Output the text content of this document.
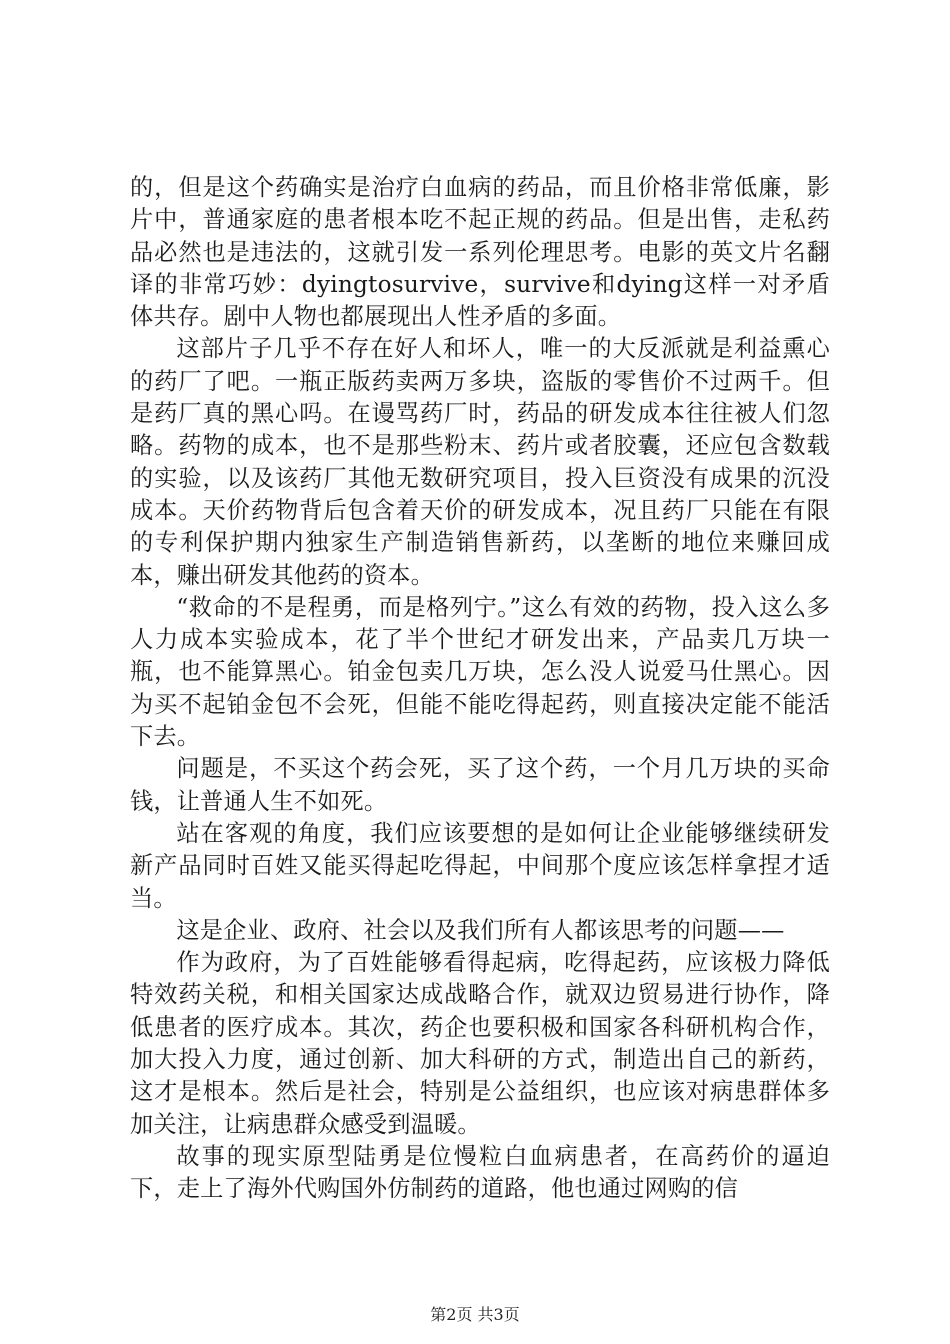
的，但是这个药确实是治疗白血病的药品，而且价格非常低廉，影片中，普通家庭的患者根本吃不起正规的药品。但是出售，走私药品必然也是违法的，这就引发一系列伦理思考。电影的英文片名翻译的非常巧妙：dyingtosurvive，survive和dying这样一对矛盾体共存。剧中人物也都展现出人性矛盾的多面。

这部片子几乎不存在好人和坏人，唯一的大反派就是利益熏心的药厂了吧。一瓶正版药卖两万多块，盗版的零售价不过两千。但是药厂真的黑心吗。在谩骂药厂时，药品的研发成本往往被人们忽略。药物的成本，也不是那些粉末、药片或者胶囊，还应包含数载的实验，以及该药厂其他无数研究项目，投入巨资没有成果的沉没成本。天价药物背后包含着天价的研发成本，况且药厂只能在有限的专利保护期内独家生产制造销售新药，以垄断的地位来赚回成本，赚出研发其他药的资本。

“救命的不是程勇，而是格列宁。”这么有效的药物，投入这么多人力成本实验成本，花了半个世纪才研发出来，产品卖几万块一瓶，也不能算黑心。铂金包卖几万块，怎么没人说爱马仕黑心。因为买不起铂金包不会死，但能不能吃得起药，则直接决定能不能活下去。

问题是，不买这个药会死，买了这个药，一个月几万块的买命钱，让普通人生不如死。

站在客观的角度，我们应该要想的是如何让企业能够继续研发新产品同时百姓又能买得起吃得起，中间那个度应该怎样拿捏才适当。

这是企业、政府、社会以及我们所有人都该思考的问题——

作为政府，为了百姓能够看得起病，吃得起药，应该极力降低特效药关税，和相关国家达成战略合作，就双边贸易进行协作，降低患者的医疗成本。其次，药企也要积极和国家各科研机构合作，加大投入力度，通过创新、加大科研的方式，制造出自己的新药，这才是根本。然后是社会，特别是公益组织，也应该对病患群体多加关注，让病患群众感受到温暖。

故事的现实原型陆勇是位慢粒白血病患者，在高药价的逼迫下，走上了海外代购国外仿制药的道路，他也通过网购的信

第2页 共3页
